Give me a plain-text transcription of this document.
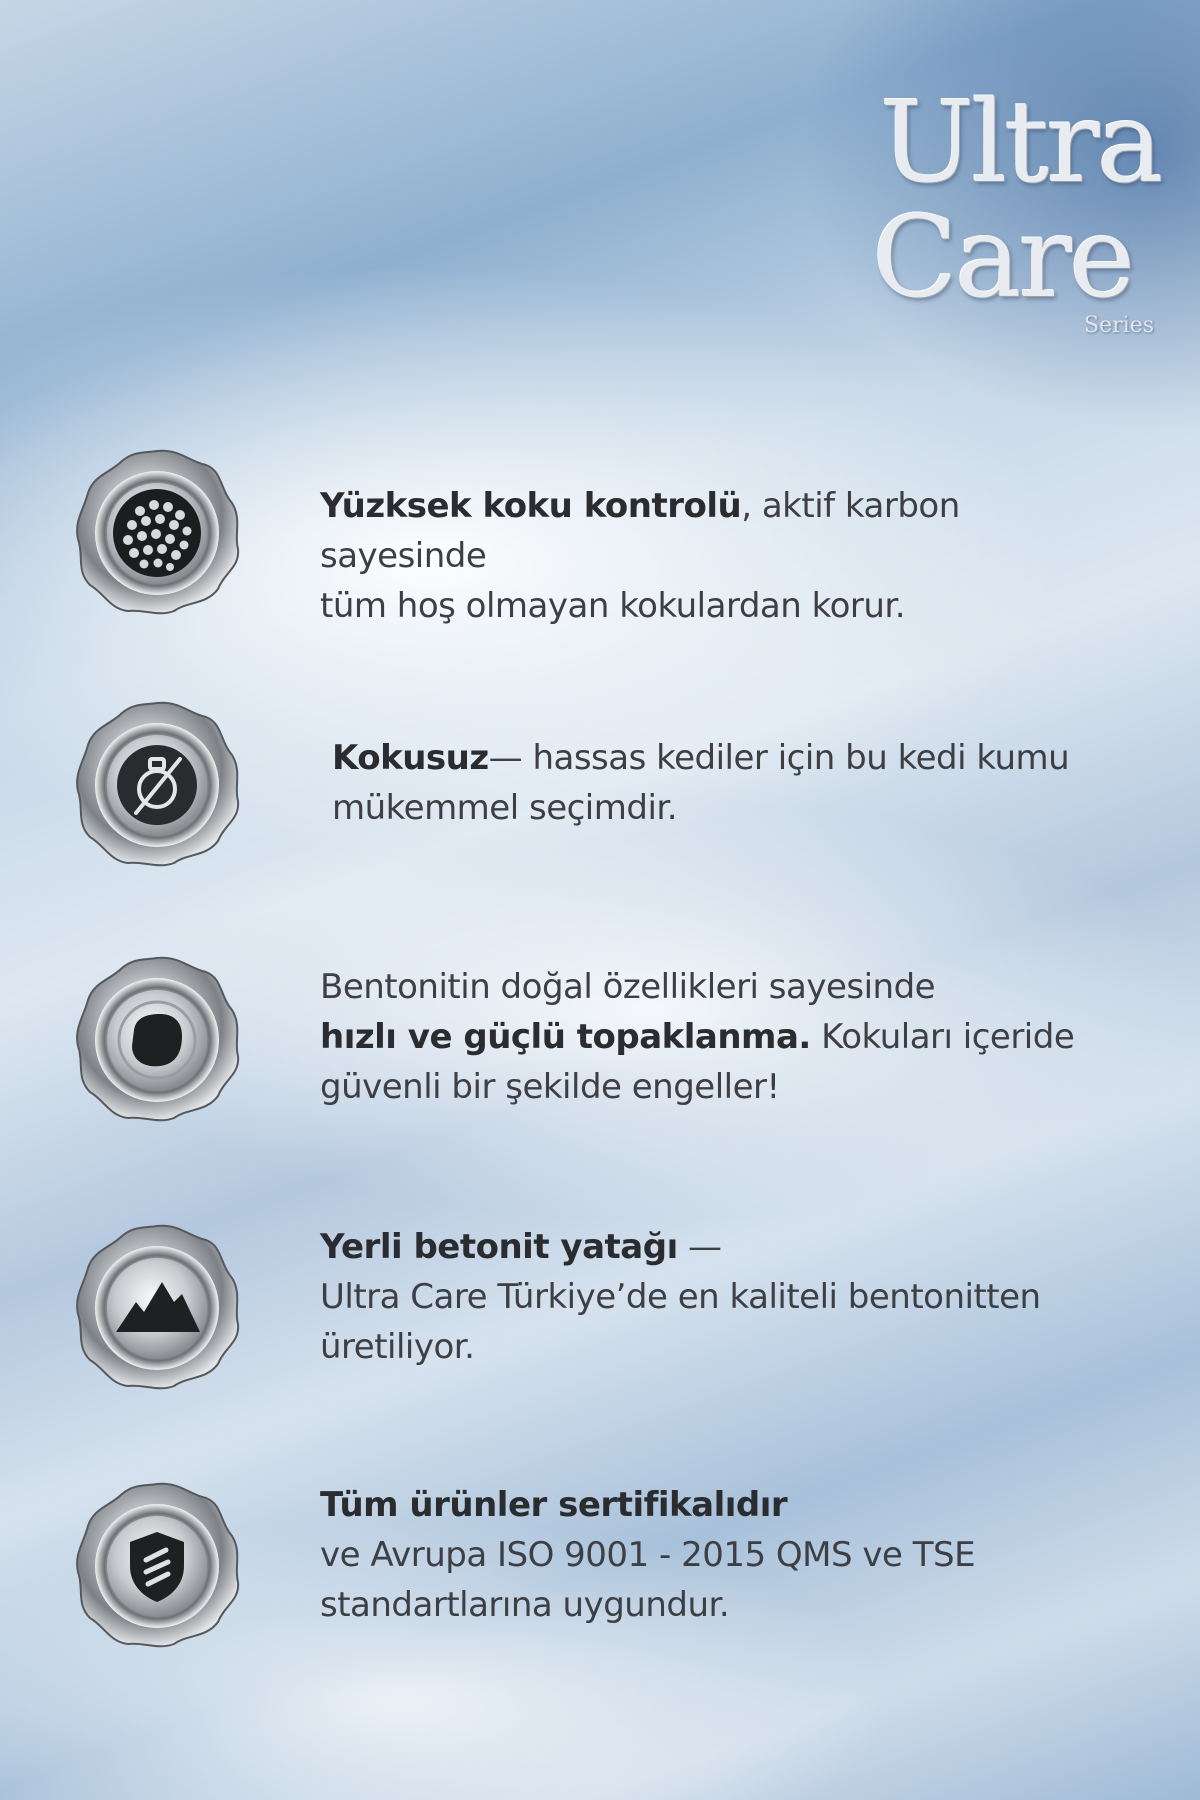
Ultra
Care
Series
Yüzksek koku kontrolü, aktif karbon sayesinde
tüm hoş olmayan kokulardan korur.
Kokusuz— hassas kediler için bu kedi kumu
mükemmel seçimdir.
Bentonitin doğal özellikleri sayesinde
hızlı ve güçlü topaklanma. Kokuları içeride
güvenli bir şekilde engeller!
Yerli betonit yatağı —
Ultra Care Türkiye’de en kaliteli bentonitten
üretiliyor.
Tüm ürünler sertifikalıdır
ve Avrupa ISO 9001 - 2015 QMS ve TSE
standartlarına uygundur.
